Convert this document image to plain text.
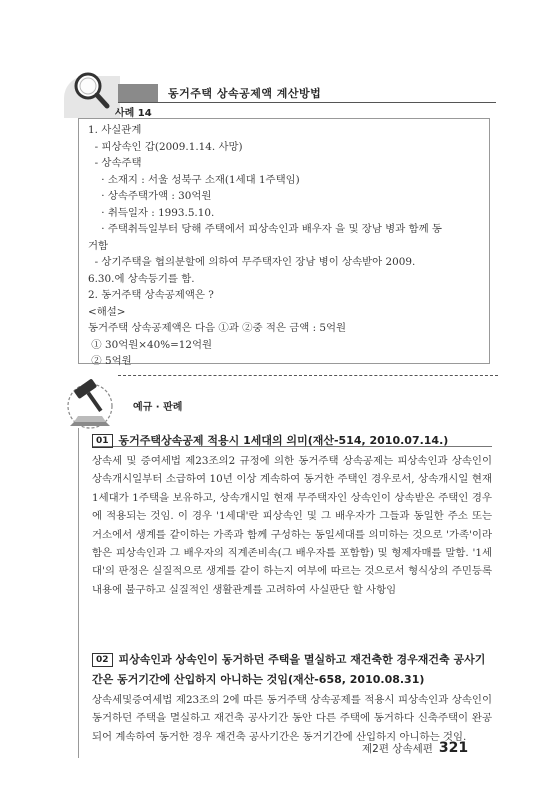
동거주택 상속공제액 계산방법
사례 14
1. 사실관계
- 피상속인 갑(2009.1.14. 사망)
- 상속주택
· 소재지 : 서울 성북구 소재(1세대 1주택임)
· 상속주택가액 : 30억원
· 취득일자 : 1993.5.10.
· 주택취득일부터 당해 주택에서 피상속인과 배우자 을 및 장남 병과 함께 동
거함
- 상기주택을 협의분할에 의하여 무주택자인 장남 병이 상속받아 2009.
6.30.에 상속등기를 함.
2. 동거주택 상속공제액은 ?
<해설>
동거주택 상속공제액은 다음 ①과 ②중 적은 금액 : 5억원
① 30억원×40%=12억원
② 5억원
예규 · 판례
01 동거주택상속공제 적용시 1세대의 의미(재산-514, 2010.07.14.)
상속세 및 증여세법 제23조의2 규정에 의한 동거주택 상속공제는 피상속인과 상속인이 상속개시일부터 소급하여 10년 이상 계속하여 동거한 주택인 경우로서, 상속개시일 현재 1세대가 1주택을 보유하고, 상속개시일 현재 무주택자인 상속인이 상속받은 주택인 경우에 적용되는 것임. 이 경우 '1세대'란 피상속인 및 그 배우자가 그들과 동일한 주소 또는 거소에서 생계를 같이하는 가족과 함께 구성하는 동일세대를 의미하는 것으로 '가족'이라 함은 피상속인과 그 배우자의 직계존비속(그 배우자를 포함함) 및 형제자매를 말함. '1세대'의 판정은 실질적으로 생계를 같이 하는지 여부에 따르는 것으로서 형식상의 주민등록 내용에 불구하고 실질적인 생활관계를 고려하여 사실판단 할 사항임
02 피상속인과 상속인이 동거하던 주택을 멸실하고 재건축한 경우재건축 공사기간은 동거기간에 산입하지 아니하는 것임(재산-658, 2010.08.31)
상속세및증여세법 제23조의 2에 따른 동거주택 상속공제를 적용시 피상속인과 상속인이 동거하던 주택을 멸실하고 재건축 공사기간 동안 다른 주택에 동거하다 신축주택이 완공되어 계속하여 동거한 경우 재건축 공사기간은 동거기간에 산입하지 아니하는 것임.
제2편 상속세편 321
